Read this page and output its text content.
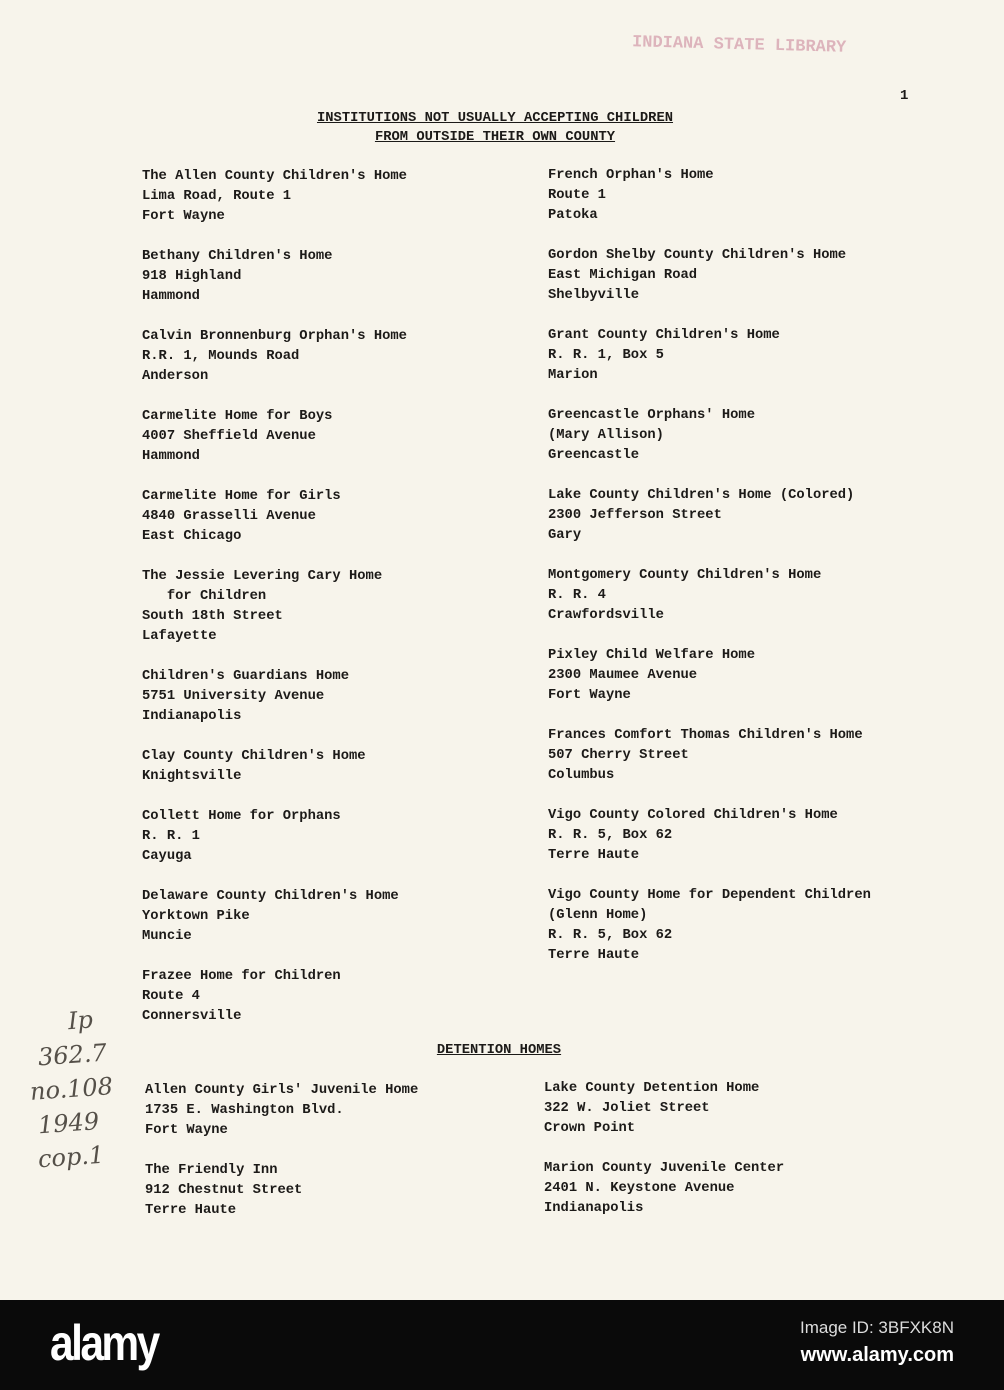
INDIANA STATE LIBRARY
1
INSTITUTIONS NOT USUALLY ACCEPTING CHILDREN
FROM OUTSIDE THEIR OWN COUNTY
The Allen County Children's Home
Lima Road, Route 1
Fort Wayne
Bethany Children's Home
918 Highland
Hammond
Calvin Bronnenburg Orphan's Home
R.R. 1, Mounds Road
Anderson
Carmelite Home for Boys
4007 Sheffield Avenue
Hammond
Carmelite Home for Girls
4840 Grasselli Avenue
East Chicago
The Jessie Levering Cary Home
for Children
South 18th Street
Lafayette
Children's Guardians Home
5751 University Avenue
Indianapolis
Clay County Children's Home
Knightsville
Collett Home for Orphans
R. R. 1
Cayuga
Delaware County Children's Home
Yorktown Pike
Muncie
Frazee Home for Children
Route 4
Connersville
French Orphan's Home
Route 1
Patoka
Gordon Shelby County Children's Home
East Michigan Road
Shelbyville
Grant County Children's Home
R. R. 1, Box 5
Marion
Greencastle Orphans' Home
(Mary Allison)
Greencastle
Lake County Children's Home (Colored)
2300 Jefferson Street
Gary
Montgomery County Children's Home
R. R. 4
Crawfordsville
Pixley Child Welfare Home
2300 Maumee Avenue
Fort Wayne
Frances Comfort Thomas Children's Home
507 Cherry Street
Columbus
Vigo County Colored Children's Home
R. R. 5, Box 62
Terre Haute
Vigo County Home for Dependent Children
(Glenn Home)
R. R. 5, Box 62
Terre Haute
DETENTION HOMES
Allen County Girls' Juvenile Home
1735 E. Washington Blvd.
Fort Wayne
The Friendly Inn
912 Chestnut Street
Terre Haute
Lake County Detention Home
322 W. Joliet Street
Crown Point
Marion County Juvenile Center
2401 N. Keystone Avenue
Indianapolis
Ip
362.7
no.108
1949
cop.1
alamy	Image ID: 3BFXK8N
www.alamy.com
